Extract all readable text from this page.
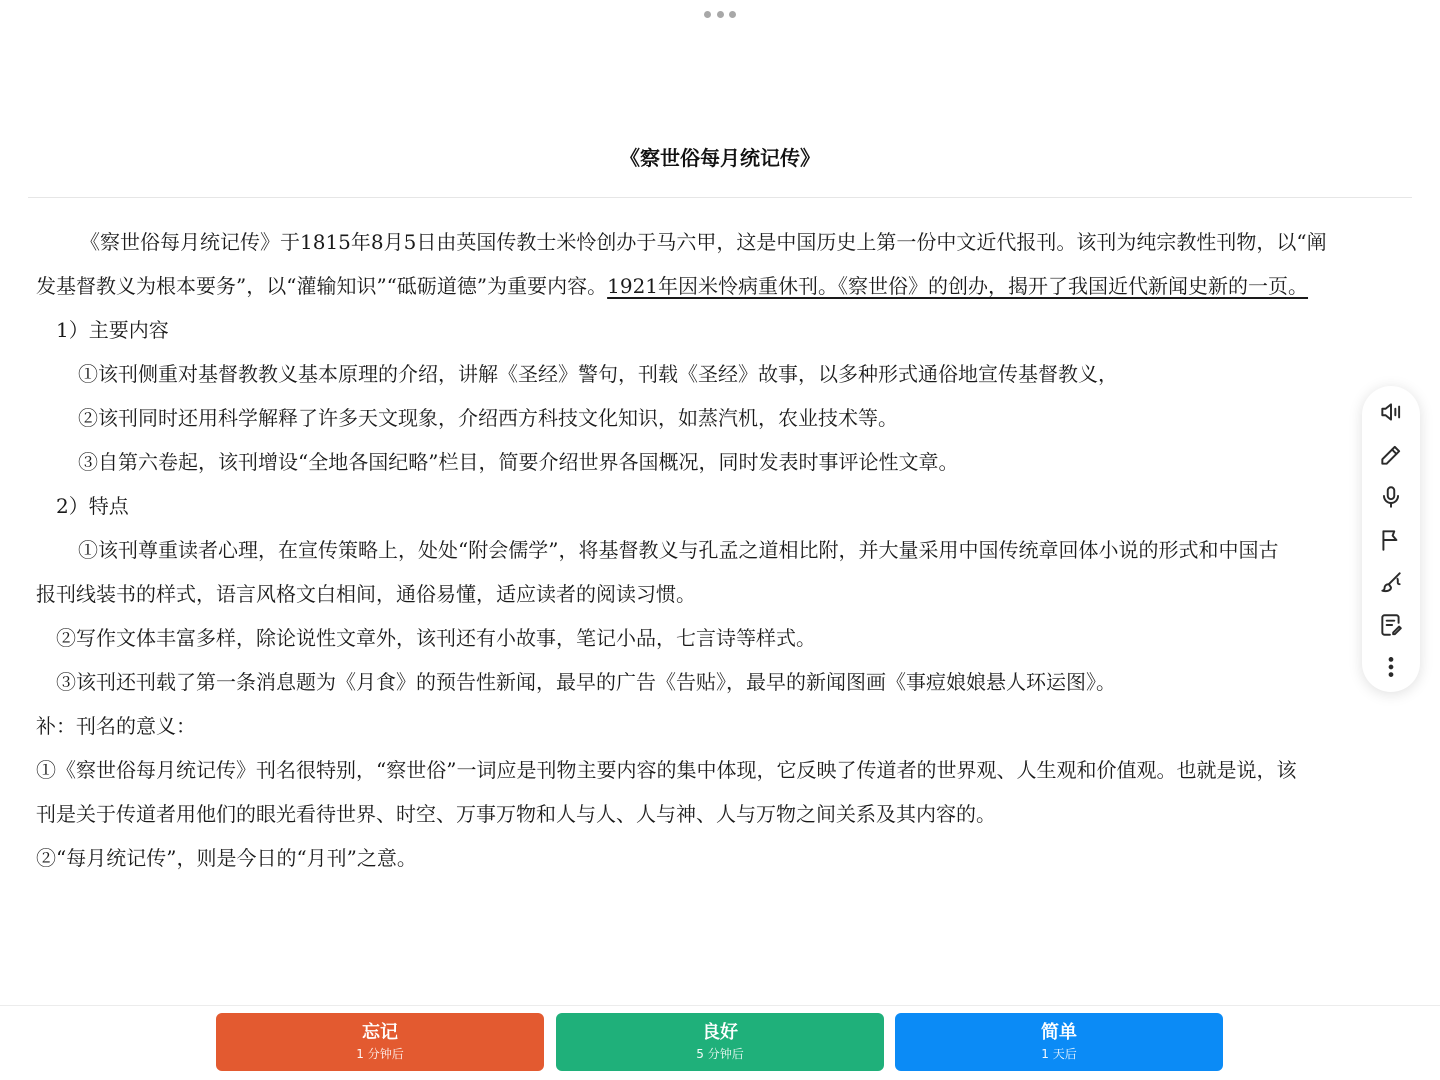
《察世俗每月统记传》

《察世俗每月统记传》于1815年8月5日由英国传教士米怜创办于马六甲，这是中国历史上第一份中文近代报刊。该刊为纯宗教性刊物，以“阐

发基督教义为根本要务”，以“灌输知识”“砥砺道德”为重要内容。1921年因米怜病重休刊。《察世俗》的创办，揭开了我国近代新闻史新的一页。

1）主要内容

①该刊侧重对基督教教义基本原理的介绍，讲解《圣经》警句，刊载《圣经》故事，以多种形式通俗地宣传基督教义，

②该刊同时还用科学解释了许多天文现象，介绍西方科技文化知识，如蒸汽机，农业技术等。

③自第六卷起，该刊增设“全地各国纪略”栏目，简要介绍世界各国概况，同时发表时事评论性文章。

2）特点

①该刊尊重读者心理，在宣传策略上，处处“附会儒学”，将基督教义与孔孟之道相比附，并大量采用中国传统章回体小说的形式和中国古

报刊线装书的样式，语言风格文白相间，通俗易懂，适应读者的阅读习惯。

②写作文体丰富多样，除论说性文章外，该刊还有小故事，笔记小品，七言诗等样式。

③该刊还刊载了第一条消息题为《月食》的预告性新闻，最早的广告《告贴》，最早的新闻图画《事痘娘娘悬人环运图》。

补：刊名的意义：

①《察世俗每月统记传》刊名很特别，“察世俗”一词应是刊物主要内容的集中体现，它反映了传道者的世界观、人生观和价值观。也就是说，该

刊是关于传道者用他们的眼光看待世界、时空、万事万物和人与人、人与神、人与万物之间关系及其内容的。

②“每月统记传”，则是今日的“月刊”之意。

忘记
1 分钟后
良好
5 分钟后
简单
1 天后
